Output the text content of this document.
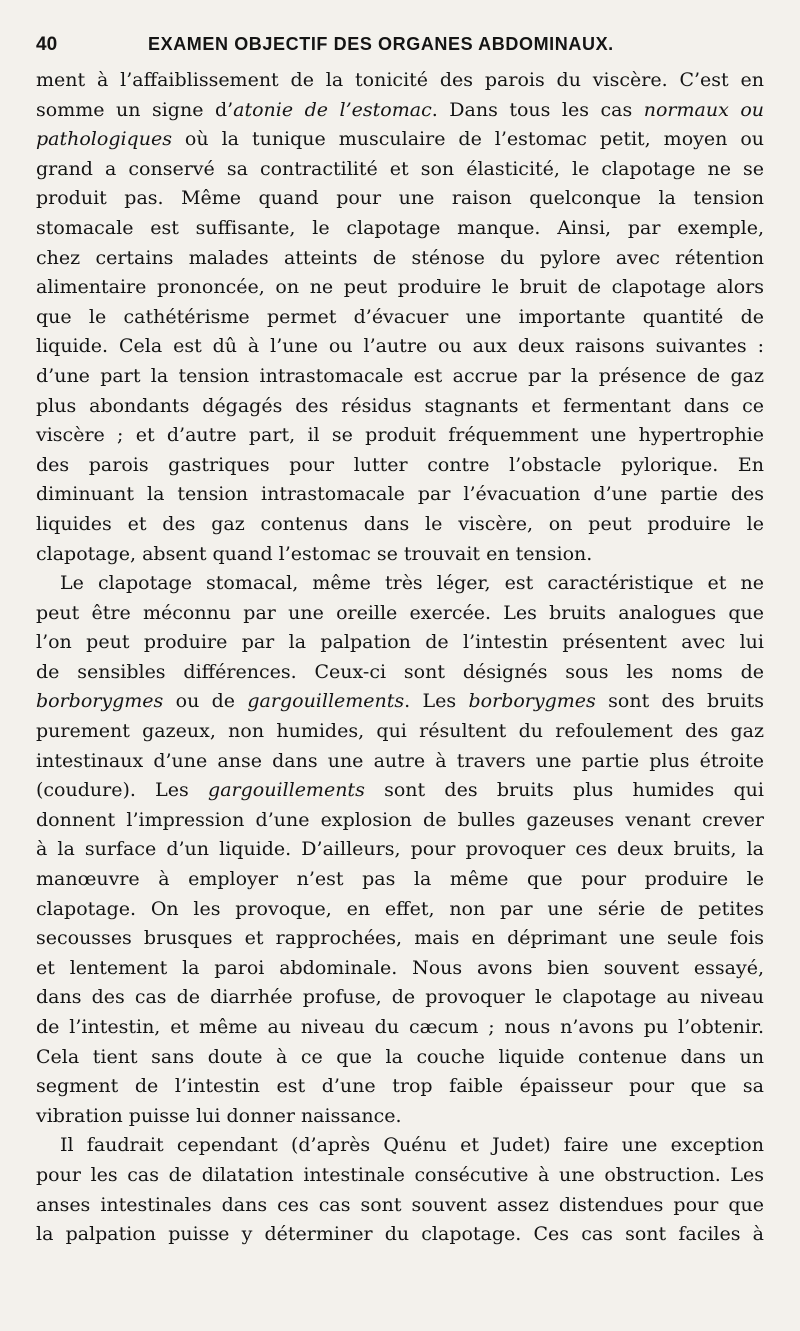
40	EXAMEN OBJECTIF DES ORGANES ABDOMINAUX.
ment à l’affaiblissement de la tonicité des parois du viscère. C’est en
somme un signe d’atonie de l’estomac. Dans tous les cas normaux ou
pathologiques où la tunique musculaire de l’estomac petit, moyen ou
grand a conservé sa contractilité et son élasticité, le clapotage ne se
produit pas. Même quand pour une raison quelconque la tension
stomacale est suffisante, le clapotage manque. Ainsi, par exemple,
chez certains malades atteints de sténose du pylore avec rétention
alimentaire prononcée, on ne peut produire le bruit de clapotage alors
que le cathétérisme permet d’évacuer une importante quantité de
liquide. Cela est dû à l’une ou l’autre ou aux deux raisons suivantes :
d’une part la tension intrastomacale est accrue par la présence de gaz
plus abondants dégagés des résidus stagnants et fermentant dans ce
viscère ; et d’autre part, il se produit fréquemment une hypertrophie
des parois gastriques pour lutter contre l’obstacle pylorique. En
diminuant la tension intrastomacale par l’évacuation d’une partie des
liquides et des gaz contenus dans le viscère, on peut produire le
clapotage, absent quand l’estomac se trouvait en tension.
Le clapotage stomacal, même très léger, est caractéristique et ne
peut être méconnu par une oreille exercée. Les bruits analogues que
l’on peut produire par la palpation de l’intestin présentent avec lui
de sensibles différences. Ceux-ci sont désignés sous les noms de
borborygmes ou de gargouillements. Les borborygmes sont des bruits
purement gazeux, non humides, qui résultent du refoulement des gaz
intestinaux d’une anse dans une autre à travers une partie plus étroite
(coudure). Les gargouillements sont des bruits plus humides qui
donnent l’impression d’une explosion de bulles gazeuses venant crever
à la surface d’un liquide. D’ailleurs, pour provoquer ces deux bruits, la
manœuvre à employer n’est pas la même que pour produire le
clapotage. On les provoque, en effet, non par une série de petites
secousses brusques et rapprochées, mais en déprimant une seule fois
et lentement la paroi abdominale. Nous avons bien souvent essayé,
dans des cas de diarrhée profuse, de provoquer le clapotage au niveau
de l’intestin, et même au niveau du cæcum ; nous n’avons pu l’obtenir.
Cela tient sans doute à ce que la couche liquide contenue dans un
segment de l’intestin est d’une trop faible épaisseur pour que sa
vibration puisse lui donner naissance.
Il faudrait cependant (d’après Quénu et Judet) faire une exception
pour les cas de dilatation intestinale consécutive à une obstruction. Les
anses intestinales dans ces cas sont souvent assez distendues pour que
la palpation puisse y déterminer du clapotage. Ces cas sont faciles à
